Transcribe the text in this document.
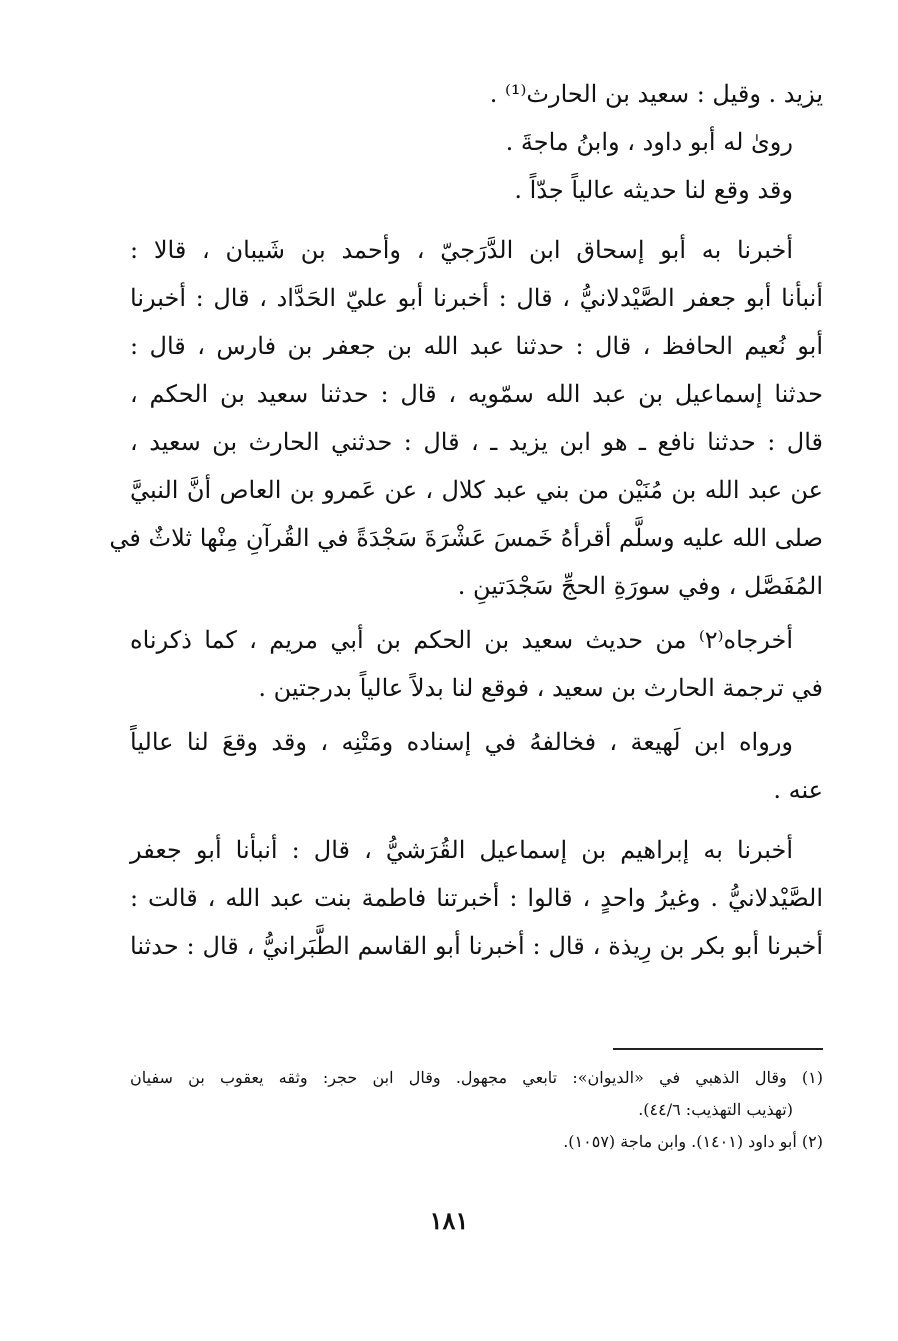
يزيد . وقيل : سعيد بن الحارث⁽¹⁾ .
روىٰ له أبو داود ، وابنُ ماجةَ .
وقد وقع لنا حديثه عالياً جدّاً .
أخبرنا به أبو إسحاق ابن الدَّرَجيّ ، وأحمد بن شَيبان ، قالا :
أنبأنا أبو جعفر الصَّيْدلانيُّ ، قال : أخبرنا أبو عليّ الحَدَّاد ، قال : أخبرنا
أبو نُعيم الحافظ ، قال : حدثنا عبد الله بن جعفر بن فارس ، قال :
حدثنا إسماعيل بن عبد الله سمّويه ، قال : حدثنا سعيد بن الحكم ،
قال : حدثنا نافع ـ هو ابن يزيد ـ ، قال : حدثني الحارث بن سعيد ،
عن عبد الله بن مُنَيْن من بني عبد كلال ، عن عَمرو بن العاص أنَّ النبيَّ
صلى الله عليه وسلَّم أقرأهُ خَمسَ عَشْرَةَ سَجْدَةً في القُرآنِ مِنْها ثلاثٌ في
المُفَصَّل ، وفي سورَةِ الحجِّ سَجْدَتينِ .
أخرجاه⁽٢⁾ من حديث سعيد بن الحكم بن أبي مريم ، كما ذكرناه
في ترجمة الحارث بن سعيد ، فوقع لنا بدلاً عالياً بدرجتين .
ورواه ابن لَهيعة ، فخالفهُ في إسناده ومَتْنِه ، وقد وقعَ لنا عالياً
عنه .
أخبرنا به إبراهيم بن إسماعيل القُرَشيُّ ، قال : أنبأنا أبو جعفر
الصَّيْدلانيُّ . وغيرُ واحدٍ ، قالوا : أخبرتنا فاطمة بنت عبد الله ، قالت :
أخبرنا أبو بكر بن رِيذة ، قال : أخبرنا أبو القاسم الطَّبَرانيُّ ، قال : حدثنا
(١) وقال الذهبي في «الديوان»: تابعي مجهول. وقال ابن حجر: وثقه يعقوب بن سفيان
(تهذيب التهذيب: ٤٤/٦).
(٢) أبو داود (١٤٠١). وابن ماجة (١٠٥٧).
١٨١
